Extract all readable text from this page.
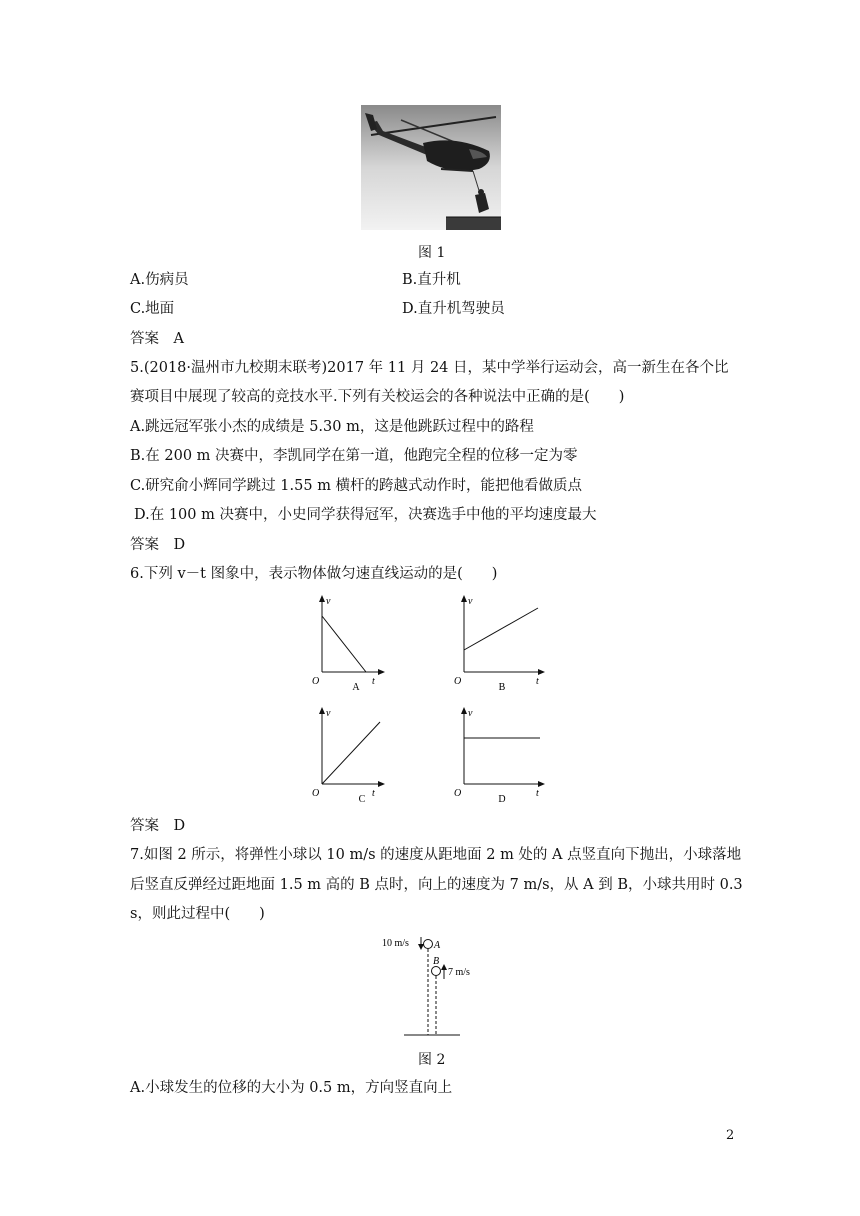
图 1
A.伤病员	B.直升机
C.地面	D.直升机驾驶员
答案　A
5.(2018·温州市九校期末联考)2017 年 11 月 24 日，某中学举行运动会，高一新生在各个比
赛项目中展现了较高的竞技水平.下列有关校运会的各种说法中正确的是(　　)
A.跳远冠军张小杰的成绩是 5.30 m，这是他跳跃过程中的路程
B.在 200 m 决赛中，李凯同学在第一道，他跑完全程的位移一定为零
C.研究俞小辉同学跳过 1.55 m 横杆的跨越式动作时，能把他看做质点
D.在 100 m 决赛中，小史同学获得冠军，决赛选手中他的平均速度最大
答案　D
6.下列 v－t 图象中，表示物体做匀速直线运动的是(　　)
v
t
O
A
v
t
O
B
v
t
O
C
v
t
O
D
答案　D
7.如图 2 所示，将弹性小球以 10 m/s 的速度从距地面 2 m 处的 A 点竖直向下抛出，小球落地
后竖直反弹经过距地面 1.5 m 高的 B 点时，向上的速度为 7 m/s，从 A 到 B，小球共用时 0.3
s，则此过程中(　　)
10 m/s	A
B
7 m/s
图 2
A.小球发生的位移的大小为 0.5 m，方向竖直向上
2
